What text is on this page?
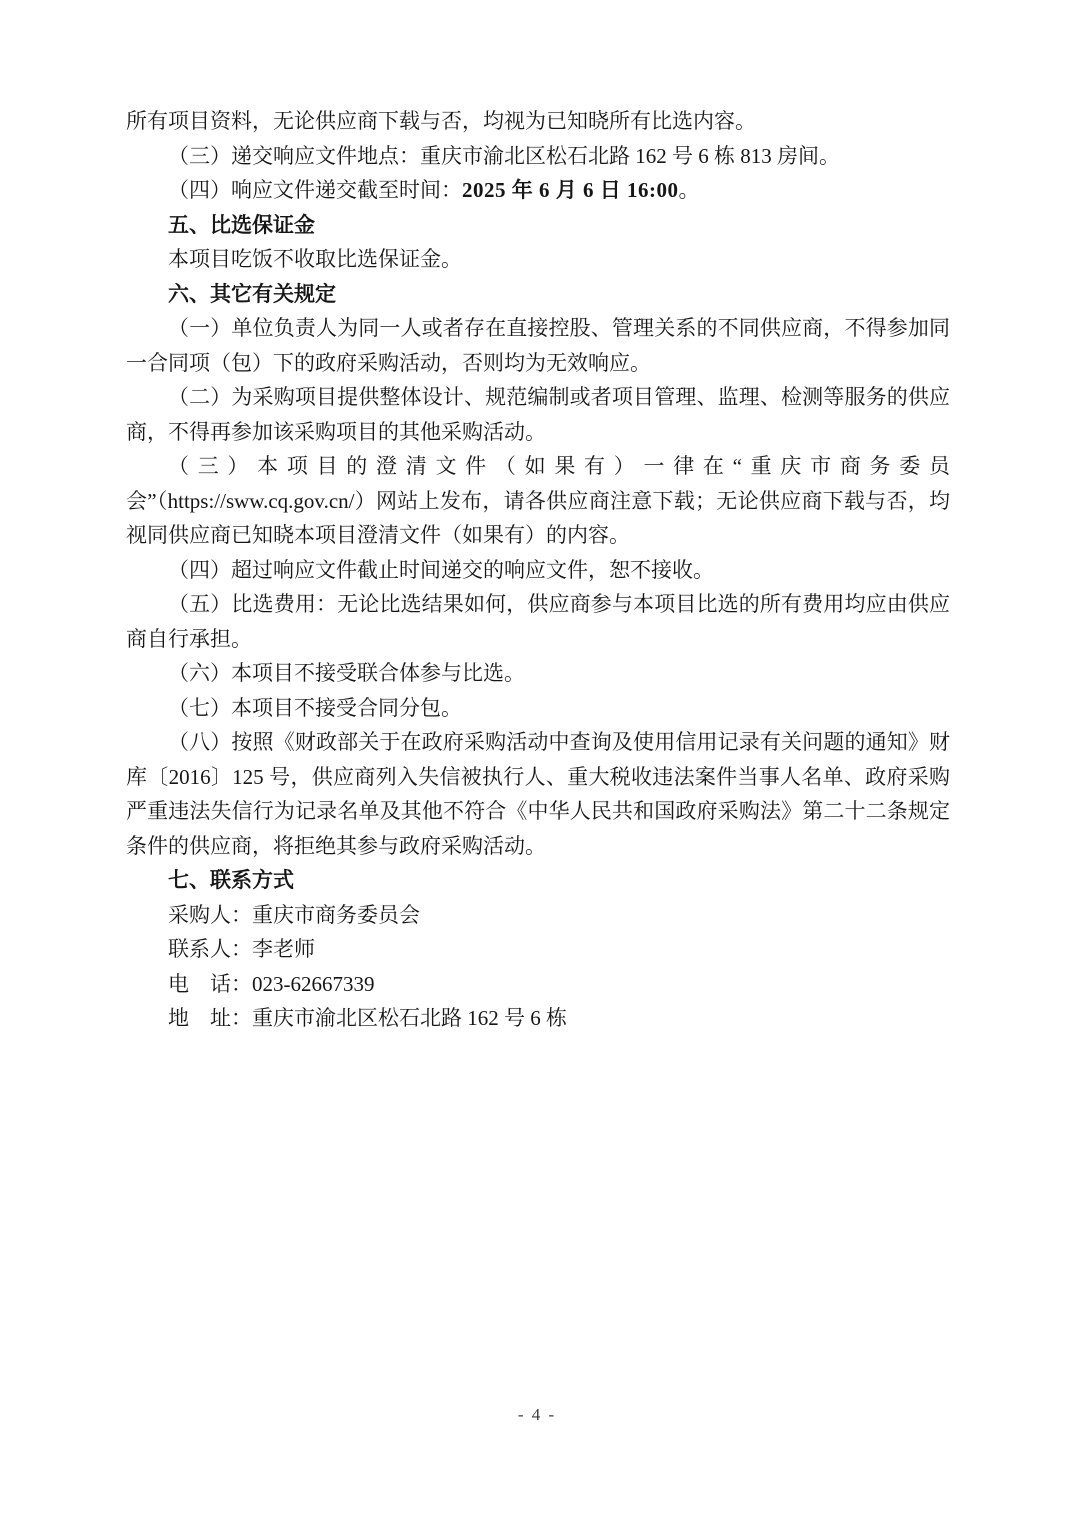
所有项目资料，无论供应商下载与否，均视为已知晓所有比选内容。

（三）递交响应文件地点：重庆市渝北区松石北路 162 号 6 栋 813 房间。

（四）响应文件递交截至时间：2025 年 6 月 6 日 16:00。

五、比选保证金

本项目吃饭不收取比选保证金。

六、其它有关规定

（一）单位负责人为同一人或者存在直接控股、管理关系的不同供应商，不得参加同一合同项（包）下的政府采购活动，否则均为无效响应。

（二）为采购项目提供整体设计、规范编制或者项目管理、监理、检测等服务的供应商，不得再参加该采购项目的其他采购活动。

（三）本项目的澄清文件（如果有）一律在“重庆市商务委员会”（https://sww.cq.gov.cn/）网站上发布，请各供应商注意下载；无论供应商下载与否，均视同供应商已知晓本项目澄清文件（如果有）的内容。

（四）超过响应文件截止时间递交的响应文件，恕不接收。

（五）比选费用：无论比选结果如何，供应商参与本项目比选的所有费用均应由供应商自行承担。

（六）本项目不接受联合体参与比选。

（七）本项目不接受合同分包。

（八）按照《财政部关于在政府采购活动中查询及使用信用记录有关问题的通知》财库〔2016〕125 号，供应商列入失信被执行人、重大税收违法案件当事人名单、政府采购严重违法失信行为记录名单及其他不符合《中华人民共和国政府采购法》第二十二条规定条件的供应商，将拒绝其参与政府采购活动。

七、联系方式

采购人：重庆市商务委员会

联系人：李老师

电　话：023-62667339

地　址：重庆市渝北区松石北路 162 号 6 栋

- 4 -
